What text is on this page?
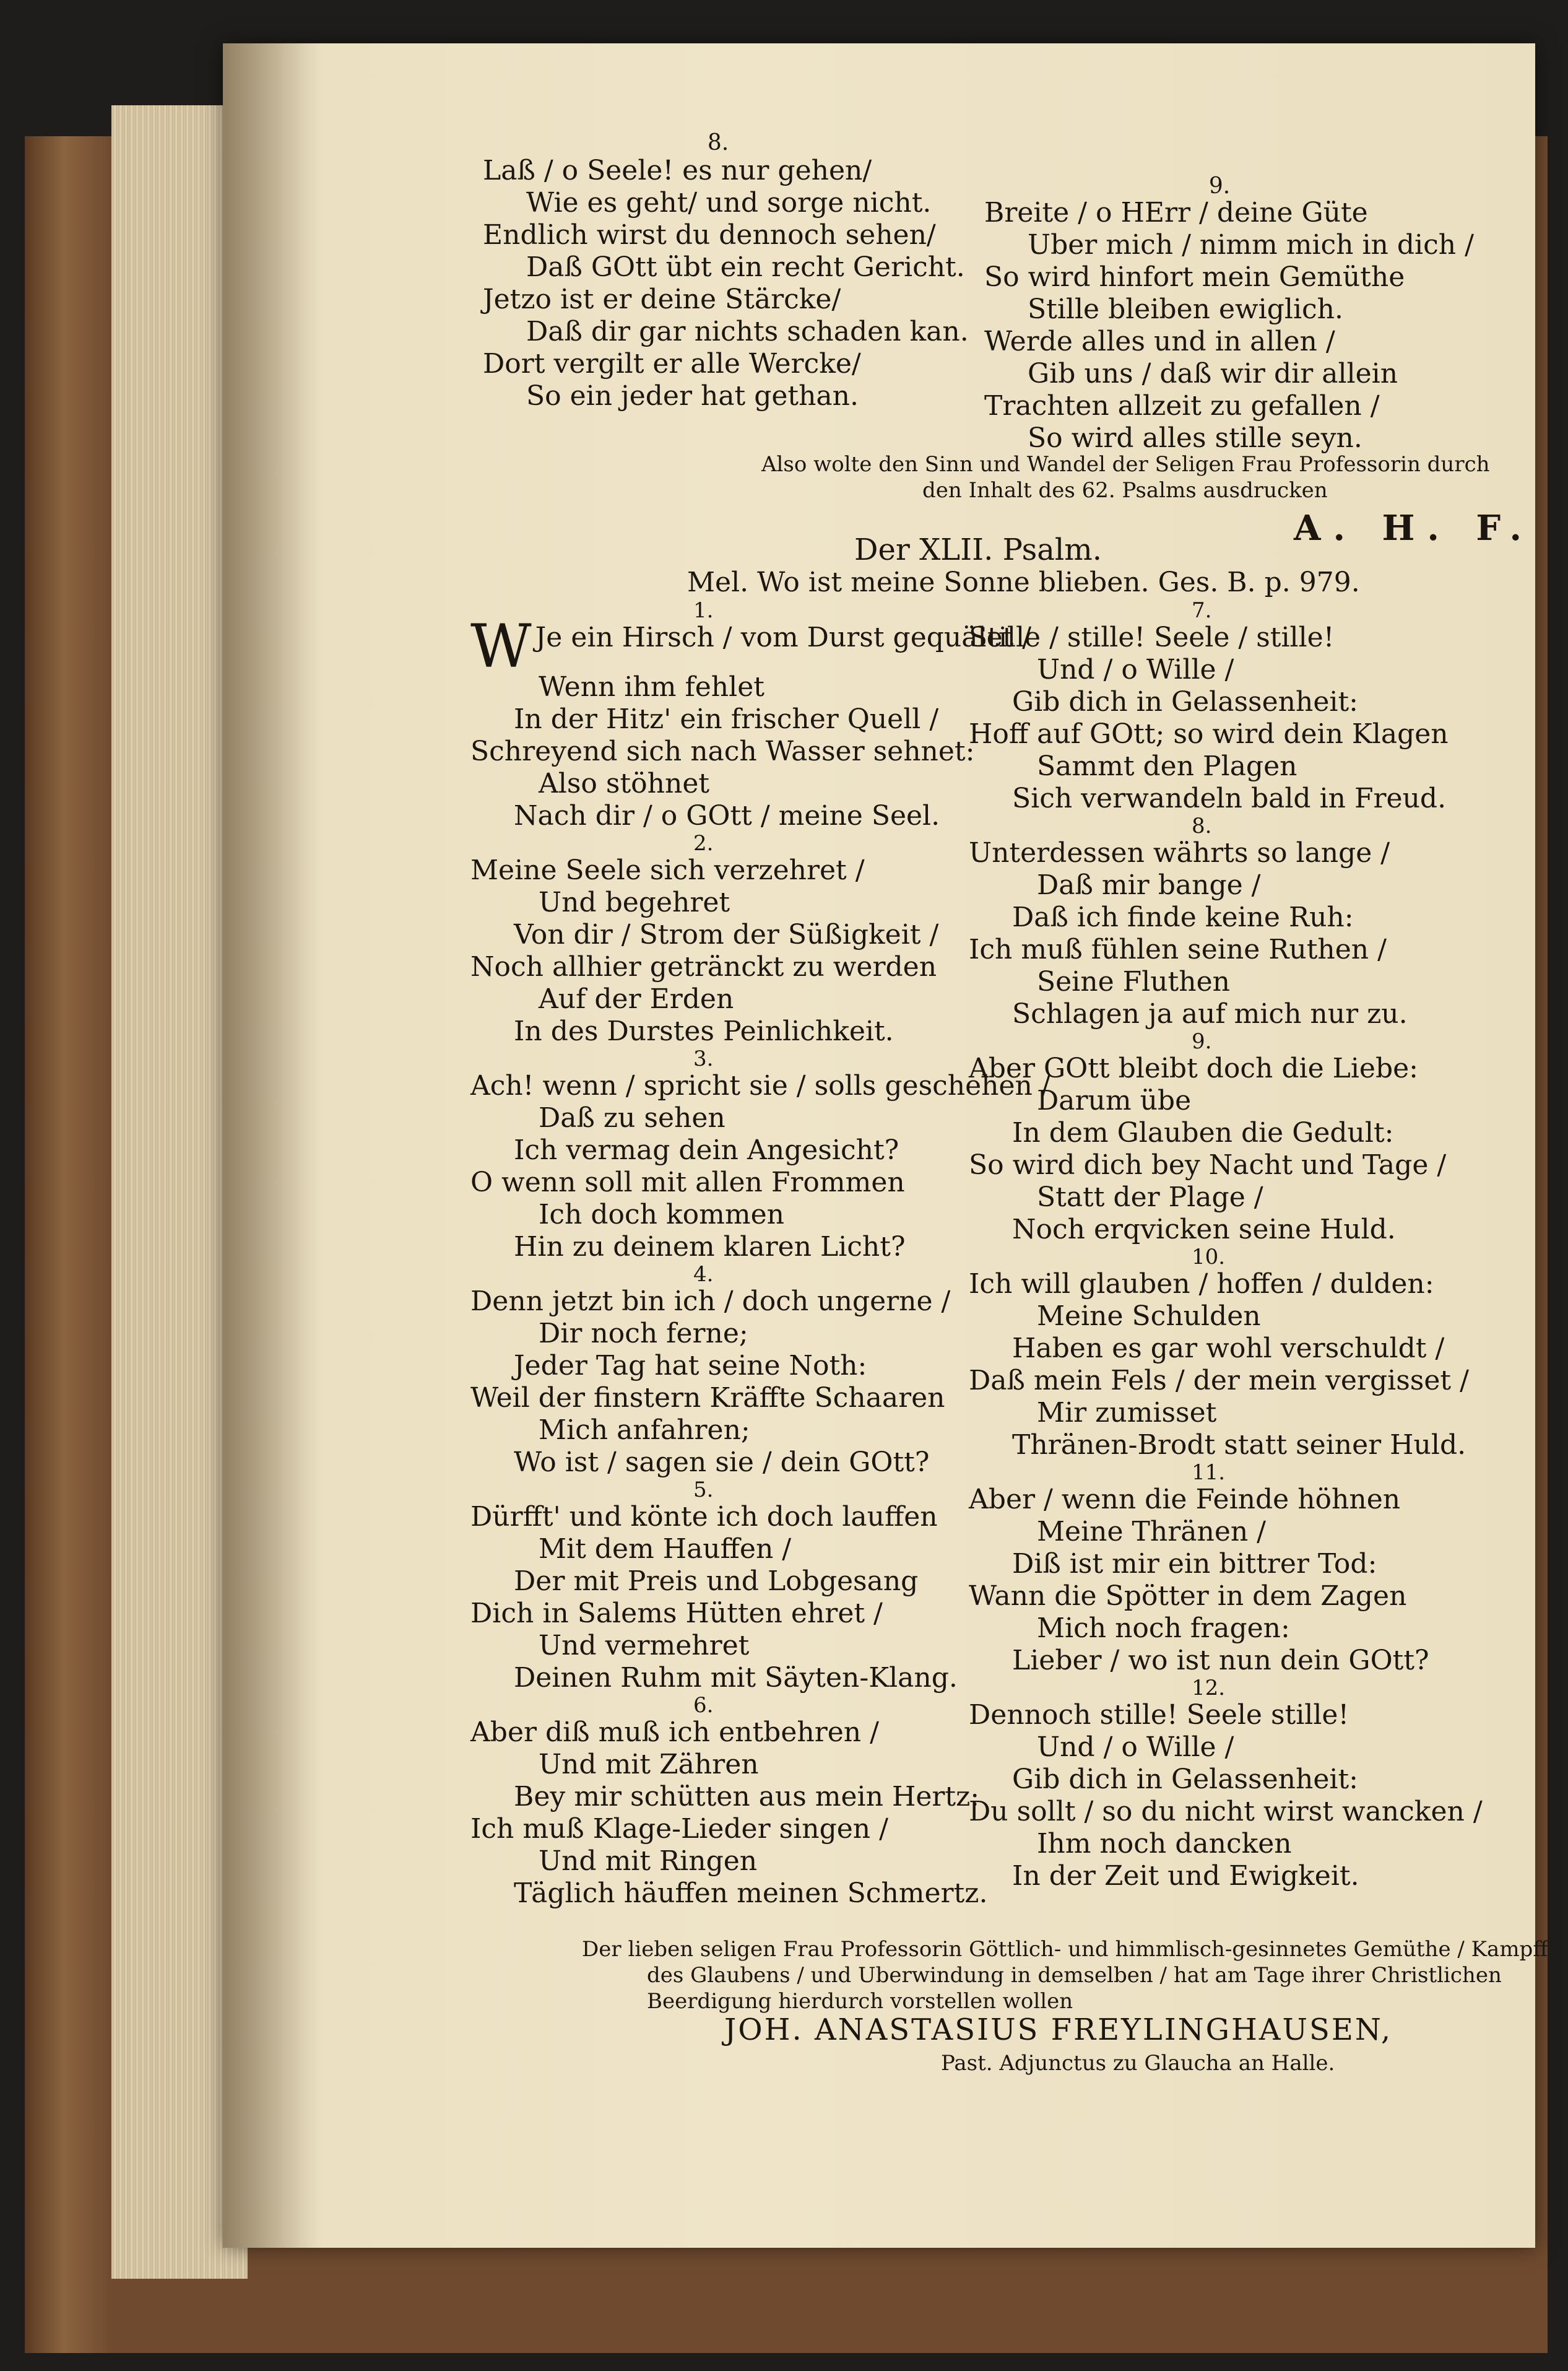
8.
Laß / o Seele! es nur gehen/
Wie es geht/ und sorge nicht.
Endlich wirst du dennoch sehen/
Daß GOtt übt ein recht Gericht.
Jetzo ist er deine Stärcke/
Daß dir gar nichts schaden kan.
Dort vergilt er alle Wercke/
So ein jeder hat gethan.
9.
Breite / o HErr / deine Güte
Uber mich / nimm mich in dich /
So wird hinfort mein Gemüthe
Stille bleiben ewiglich.
Werde alles und in allen /
Gib uns / daß wir dir allein
Trachten allzeit zu gefallen /
So wird alles stille seyn.
Also wolte den Sinn und Wandel der Seligen Frau Professorin durch
den Inhalt des 62. Psalms ausdrucken
A. H. F.
Der XLII. Psalm.
Mel. Wo ist meine Sonne blieben. Ges. B. p. 979.
1.
W Je ein Hirsch / vom Durst gequälet /
Wenn ihm fehlet
In der Hitz' ein frischer Quell /
Schreyend sich nach Wasser sehnet:
Also stöhnet
Nach dir / o GOtt / meine Seel.
2.
Meine Seele sich verzehret /
Und begehret
Von dir / Strom der Süßigkeit /
Noch allhier getränckt zu werden
Auf der Erden
In des Durstes Peinlichkeit.
3.
Ach! wenn / spricht sie / solls geschehen /
Daß zu sehen
Ich vermag dein Angesicht?
O wenn soll mit allen Frommen
Ich doch kommen
Hin zu deinem klaren Licht?
4.
Denn jetzt bin ich / doch ungerne /
Dir noch ferne;
Jeder Tag hat seine Noth:
Weil der finstern Kräffte Schaaren
Mich anfahren;
Wo ist / sagen sie / dein GOtt?
5.
Dürfft' und könte ich doch lauffen
Mit dem Hauffen /
Der mit Preis und Lobgesang
Dich in Salems Hütten ehret /
Und vermehret
Deinen Ruhm mit Säyten-Klang.
6.
Aber diß muß ich entbehren /
Und mit Zähren
Bey mir schütten aus mein Hertz:
Ich muß Klage-Lieder singen /
Und mit Ringen
Täglich häuffen meinen Schmertz.
7.
Stille / stille! Seele / stille!
Und / o Wille /
Gib dich in Gelassenheit:
Hoff auf GOtt; so wird dein Klagen
Sammt den Plagen
Sich verwandeln bald in Freud.
8.
Unterdessen währts so lange /
Daß mir bange /
Daß ich finde keine Ruh:
Ich muß fühlen seine Ruthen /
Seine Fluthen
Schlagen ja auf mich nur zu.
9.
Aber GOtt bleibt doch die Liebe:
Darum übe
In dem Glauben die Gedult:
So wird dich bey Nacht und Tage /
Statt der Plage /
Noch erqvicken seine Huld.
10.
Ich will glauben / hoffen / dulden:
Meine Schulden
Haben es gar wohl verschuldt /
Daß mein Fels / der mein vergisset /
Mir zumisset
Thränen-Brodt statt seiner Huld.
11.
Aber / wenn die Feinde höhnen
Meine Thränen /
Diß ist mir ein bittrer Tod:
Wann die Spötter in dem Zagen
Mich noch fragen:
Lieber / wo ist nun dein GOtt?
12.
Dennoch stille! Seele stille!
Und / o Wille /
Gib dich in Gelassenheit:
Du sollt / so du nicht wirst wancken /
Ihm noch dancken
In der Zeit und Ewigkeit.
Der lieben seligen Frau Professorin Göttlich- und himmlisch-gesinnetes Gemüthe / Kampff
des Glaubens / und Uberwindung in demselben / hat am Tage ihrer Christlichen
Beerdigung hierdurch vorstellen wollen
JOH. ANASTASIUS FREYLINGHAUSEN,
Past. Adjunctus zu Glaucha an Halle.
